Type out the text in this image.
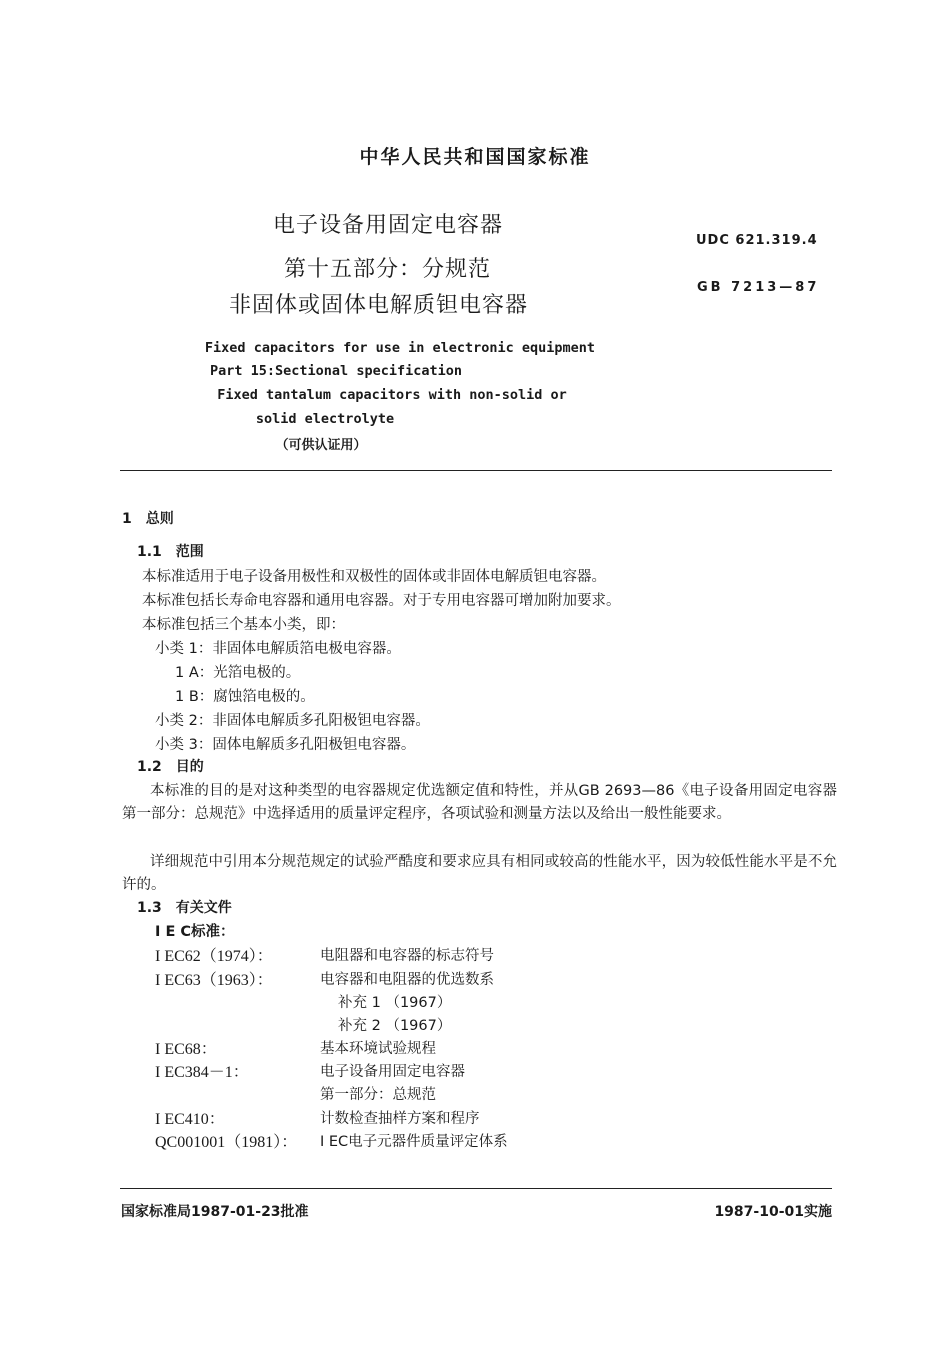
中华人民共和国国家标准
电子设备用固定电容器
第十五部分：分规范
非固体或固体电解质钽电容器
UDC 621.319.4
GB 7213—87
Fixed capacitors for use in electronic equipment
Part 15:Sectional specification
Fixed tantalum capacitors with non-solid or
solid electrolyte
（可供认证用）
1　总则
1.1　范围
本标准适用于电子设备用极性和双极性的固体或非固体电解质钽电容器。
本标准包括长寿命电容器和通用电容器。对于专用电容器可增加附加要求。
本标准包括三个基本小类，即：
小类 1：非固体电解质箔电极电容器。
1 A：光箔电极的。
1 B：腐蚀箔电极的。
小类 2：非固体电解质多孔阳极钽电容器。
小类 3：固体电解质多孔阳极钽电容器。
1.2　目的
本标准的目的是对这种类型的电容器规定优选额定值和特性，并从GB 2693—86《电子设备用固定电容器　第一部分：总规范》中选择适用的质量评定程序，各项试验和测量方法以及给出一般性能要求。
详细规范中引用本分规范规定的试验严酷度和要求应具有相同或较高的性能水平，因为较低性能水平是不允许的。
1.3　有关文件
I E C标准：
I EC62（1974）：	电阻器和电容器的标志符号
I EC63（1963）：	电容器和电阻器的优选数系
补充 1 （1967）
补充 2 （1967）
I EC68：	基本环境试验规程
I EC384－1：	电子设备用固定电容器
第一部分：总规范
I EC410：	计数检查抽样方案和程序
QC001001（1981）： I EC电子元器件质量评定体系
国家标准局1987-01-23批准	1987-10-01实施
